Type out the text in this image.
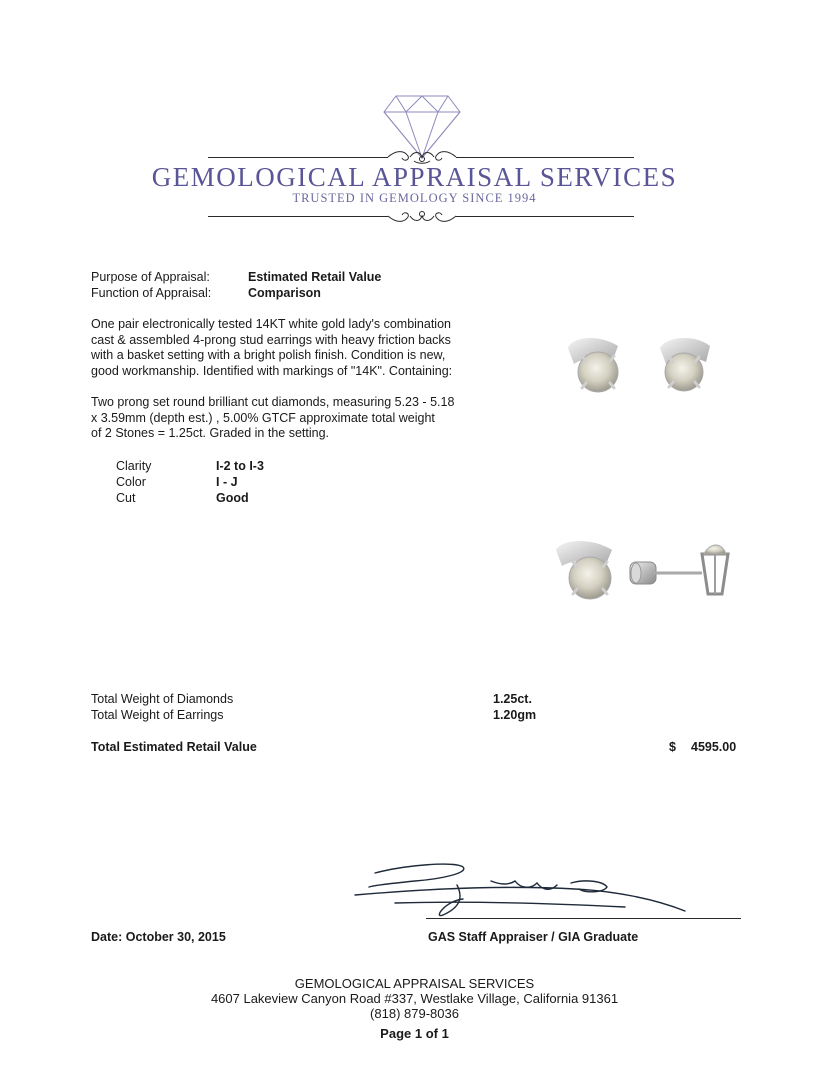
GEMOLOGICAL APPRAISAL SERVICES
TRUSTED IN GEMOLOGY SINCE 1994
Purpose of Appraisal:	Estimated Retail Value
Function of Appraisal:	Comparison
One pair electronically tested 14KT white gold lady's combination
cast & assembled 4-prong stud earrings with heavy friction backs
with a basket setting with a bright polish finish. Condition is new,
good workmanship. Identified with markings of "14K". Containing:
Two prong set round brilliant cut diamonds, measuring 5.23 - 5.18
x 3.59mm (depth est.) , 5.00% GTCF approximate total weight
of 2 Stones = 1.25ct. Graded in the setting.
Clarity	I-2 to I-3
Color	I - J
Cut	Good
Total Weight of Diamonds	1.25ct.
Total Weight of Earrings	1.20gm
Total Estimated Retail Value	$ 4595.00
Date: October 30, 2015	GAS Staff Appraiser / GIA Graduate
GEMOLOGICAL APPRAISAL SERVICES
4607 Lakeview Canyon Road #337, Westlake Village, California 91361
(818) 879-8036
Page 1 of 1
